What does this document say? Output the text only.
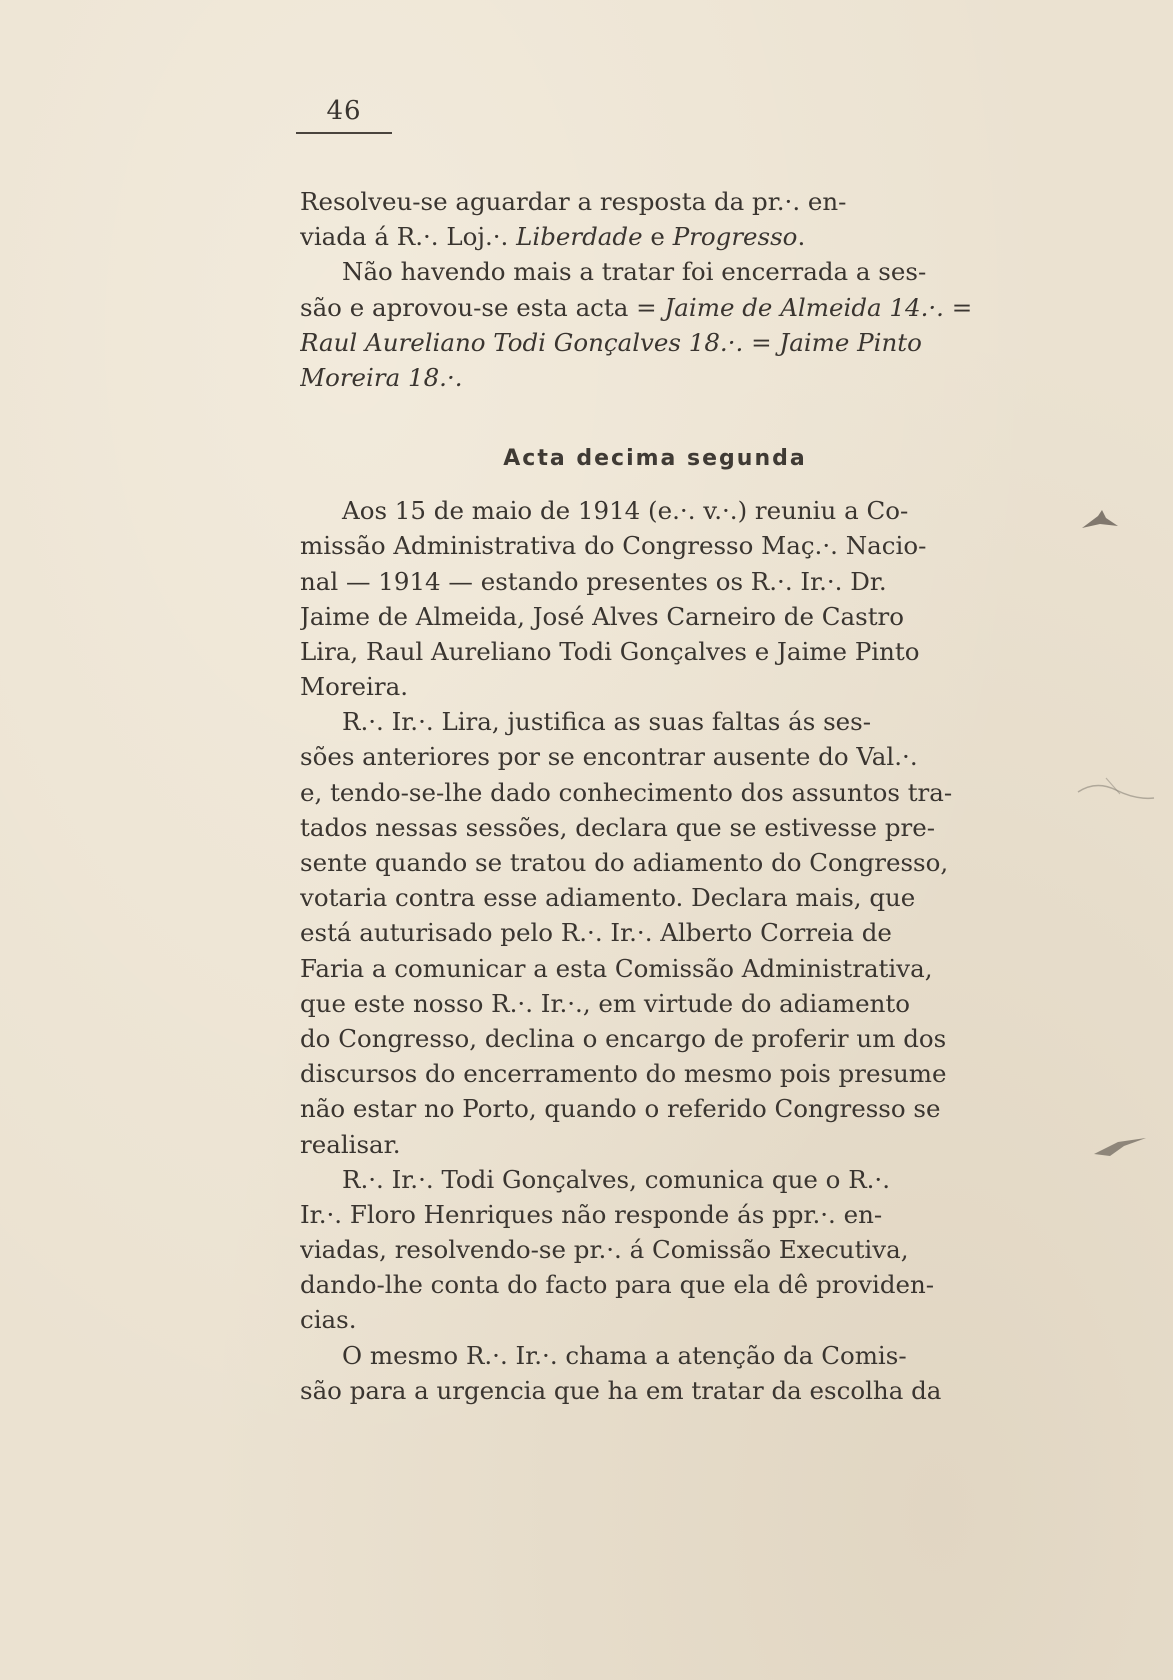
46
Resolveu-se aguardar a resposta da pr.·. en-
viada á R.·. Loj.·. Liberdade e Progresso.
Não havendo mais a tratar foi encerrada a ses-
são e aprovou-se esta acta = Jaime de Almeida 14.·. =
Raul Aureliano Todi Gonçalves 18.·. = Jaime Pinto
Moreira 18.·.
Acta decima segunda
Aos 15 de maio de 1914 (e.·. v.·.) reuniu a Co-
missão Administrativa do Congresso Maç.·. Nacio-
nal — 1914 — estando presentes os R.·. Ir.·. Dr.
Jaime de Almeida, José Alves Carneiro de Castro
Lira, Raul Aureliano Todi Gonçalves e Jaime Pinto
Moreira.
R.·. Ir.·. Lira, justifica as suas faltas ás ses-
sões anteriores por se encontrar ausente do Val.·.
e, tendo-se-lhe dado conhecimento dos assuntos tra-
tados nessas sessões, declara que se estivesse pre-
sente quando se tratou do adiamento do Congresso,
votaria contra esse adiamento. Declara mais, que
está auturisado pelo R.·. Ir.·. Alberto Correia de
Faria a comunicar a esta Comissão Administrativa,
que este nosso R.·. Ir.·., em virtude do adiamento
do Congresso, declina o encargo de proferir um dos
discursos do encerramento do mesmo pois presume
não estar no Porto, quando o referido Congresso se
realisar.
R.·. Ir.·. Todi Gonçalves, comunica que o R.·.
Ir.·. Floro Henriques não responde ás ppr.·. en-
viadas, resolvendo-se pr.·. á Comissão Executiva,
dando-lhe conta do facto para que ela dê providen-
cias.
O mesmo R.·. Ir.·. chama a atenção da Comis-
são para a urgencia que ha em tratar da escolha da
